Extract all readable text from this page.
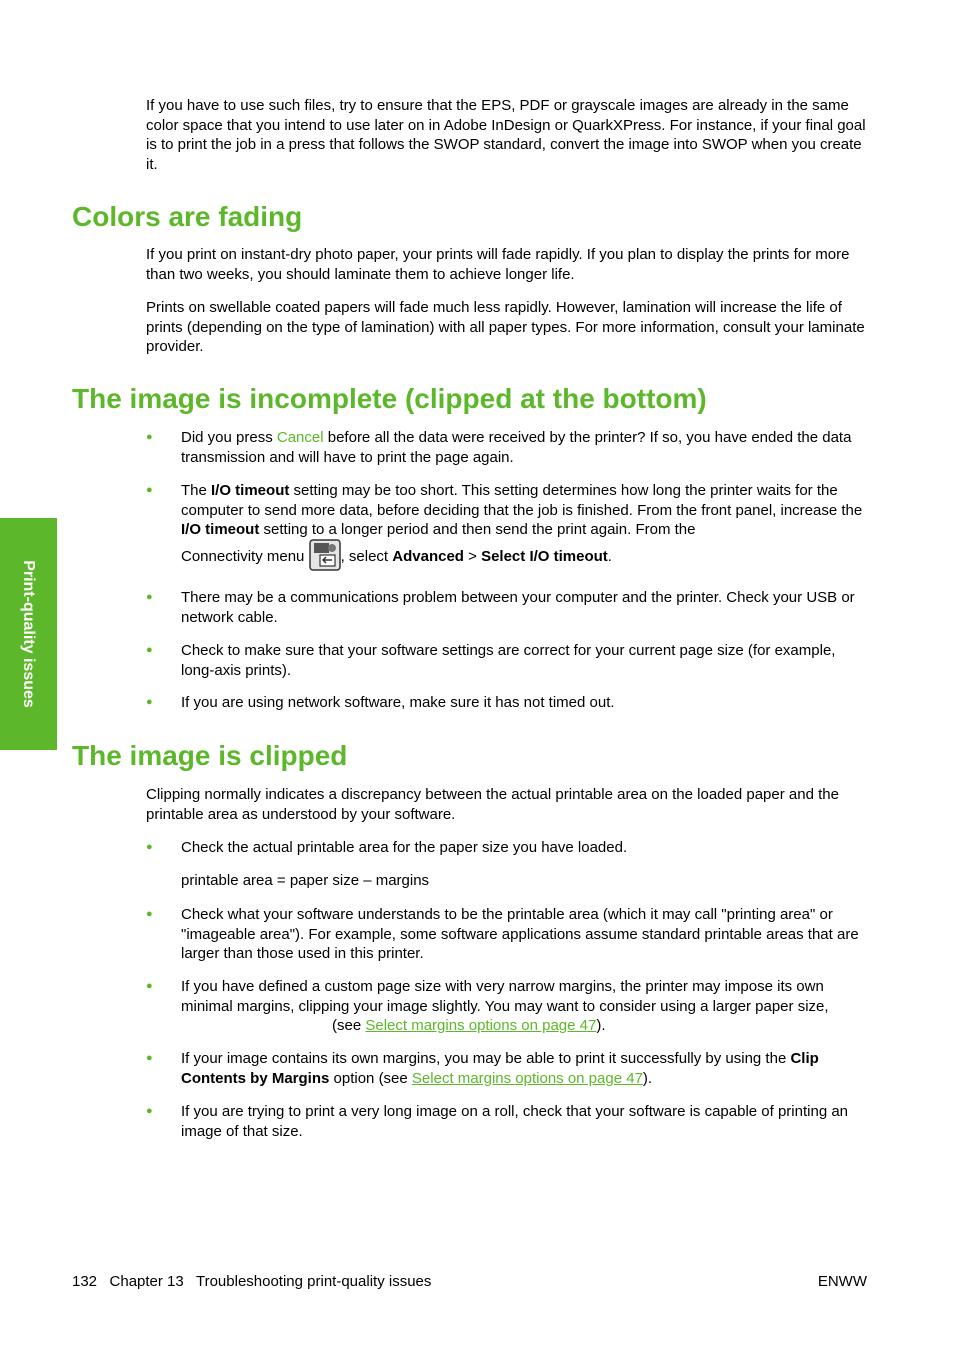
If you have to use such files, try to ensure that the EPS, PDF or grayscale images are already in the same color space that you intend to use later on in Adobe InDesign or QuarkXPress. For instance, if your final goal is to print the job in a press that follows the SWOP standard, convert the image into SWOP when you create it.

Colors are fading

If you print on instant-dry photo paper, your prints will fade rapidly. If you plan to display the prints for more than two weeks, you should laminate them to achieve longer life.

Prints on swellable coated papers will fade much less rapidly. However, lamination will increase the life of prints (depending on the type of lamination) with all paper types. For more information, consult your laminate provider.

The image is incomplete (clipped at the bottom)
● Did you press Cancel before all the data were received by the printer? If so, you have ended the data transmission and will have to print the page again.

● The I/O timeout setting may be too short. This setting determines how long the printer waits for the computer to send more data, before deciding that the job is finished. From the front panel, increase the I/O timeout setting to a longer period and then send the print again. From the

Connectivity menu , select Advanced > Select I/O timeout.

● There may be a communications problem between your computer and the printer. Check your USB or network cable.

● Check to make sure that your software settings are correct for your current page size (for example, long-axis prints).

● If you are using network software, make sure it has not timed out.

The image is clipped

Clipping normally indicates a discrepancy between the actual printable area on the loaded paper and the printable area as understood by your software.

● Check the actual printable area for the paper size you have loaded.

printable area = paper size – margins

● Check what your software understands to be the printable area (which it may call "printing area" or "imageable area"). For example, some software applications assume standard printable areas that are larger than those used in this printer.

● If you have defined a custom page size with very narrow margins, the printer may impose its own minimal margins, clipping your image slightly. You may want to consider using a larger paper size,

(see Select margins options on page 47).

● If your image contains its own margins, you may be able to print it successfully by using the Clip Contents by Margins option (see Select margins options on page 47).

● If you are trying to print a very long image on a roll, check that your software is capable of printing an image of that size.

Print-quality issues
132   Chapter 13   Troubleshooting print-quality issues	ENWW
